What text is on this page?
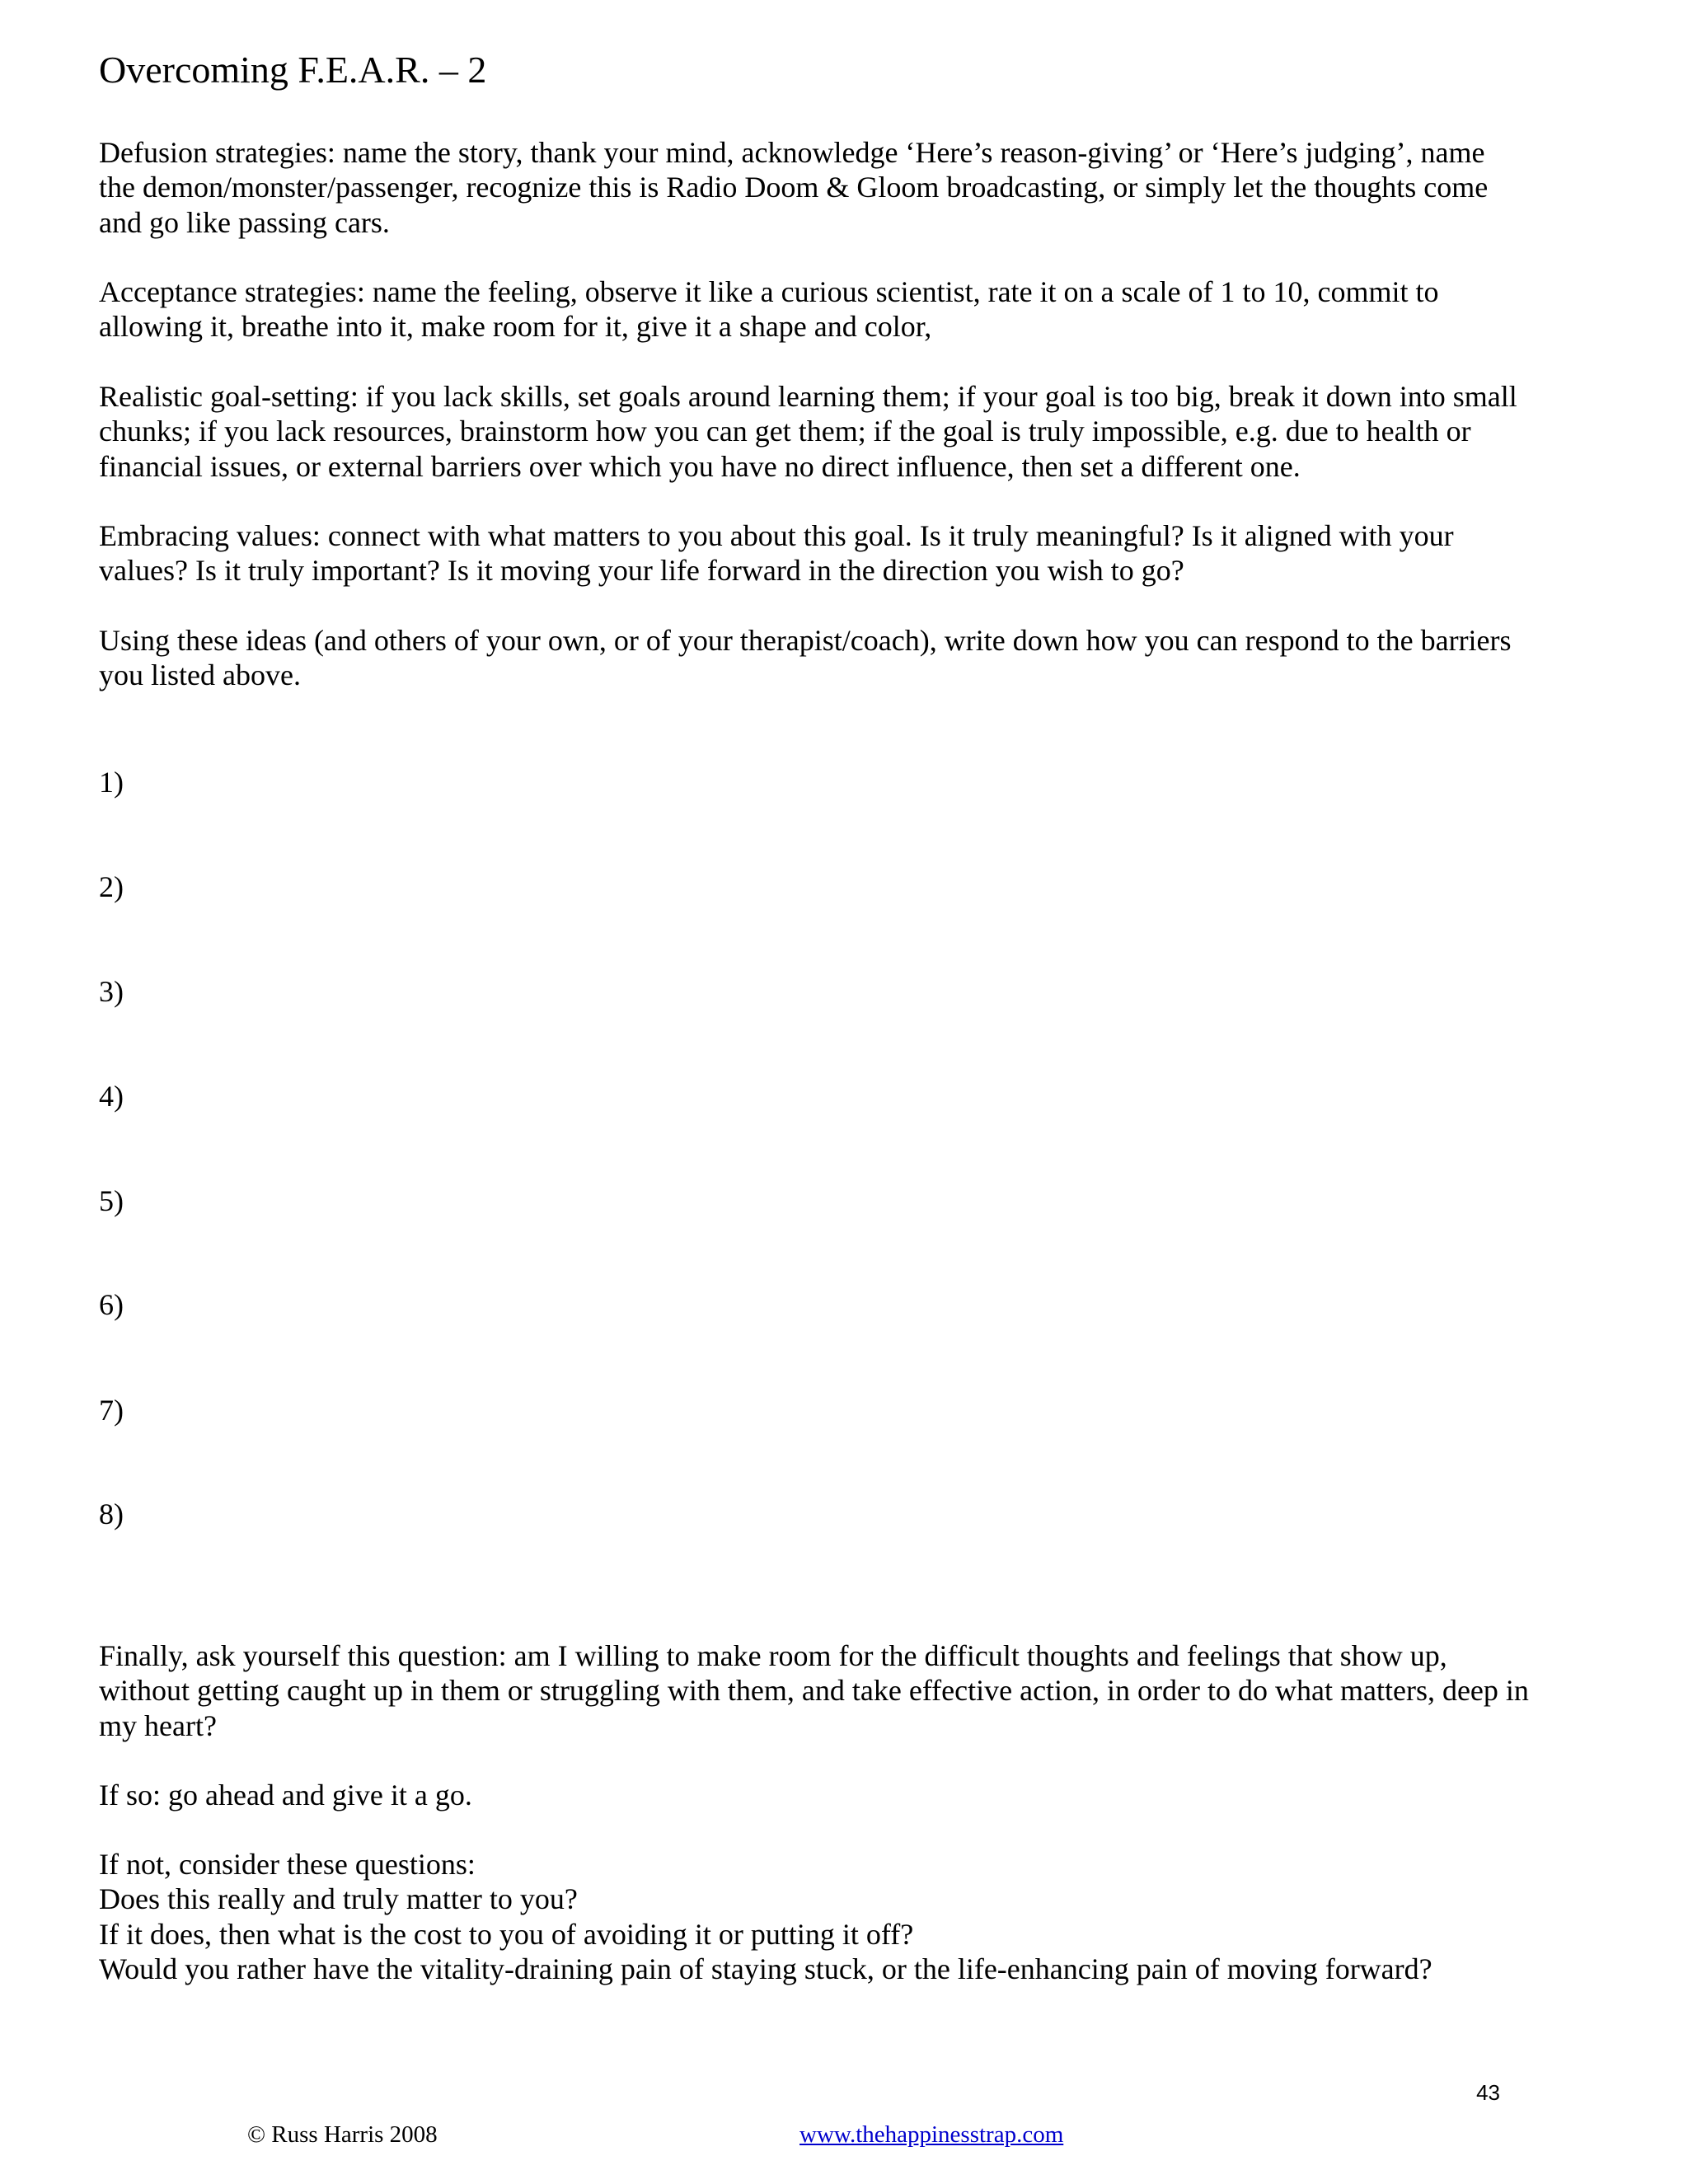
Overcoming F.E.A.R. – 2

Defusion strategies: name the story, thank your mind, acknowledge ‘Here’s reason-giving’ or ‘Here’s judging’, name
the demon/monster/passenger, recognize this is Radio Doom & Gloom broadcasting, or simply let the thoughts come
and go like passing cars.

Acceptance strategies: name the feeling, observe it like a curious scientist, rate it on a scale of 1 to 10, commit to
allowing it, breathe into it, make room for it, give it a shape and color,

Realistic goal-setting: if you lack skills, set goals around learning them; if your goal is too big, break it down into small
chunks; if you lack resources, brainstorm how you can get them; if the goal is truly impossible, e.g. due to health or
financial issues, or external barriers over which you have no direct influence, then set a different one.

Embracing values: connect with what matters to you about this goal. Is it truly meaningful? Is it aligned with your
values? Is it truly important? Is it moving your life forward in the direction you wish to go?

Using these ideas (and others of your own, or of your therapist/coach), write down how you can respond to the barriers
you listed above.

1)

2)

3)

4)

5)

6)

7)

8)

Finally, ask yourself this question: am I willing to make room for the difficult thoughts and feelings that show up,
without getting caught up in them or struggling with them, and take effective action, in order to do what matters, deep in
my heart?

If so: go ahead and give it a go.

If not, consider these questions:
Does this really and truly matter to you?
If it does, then what is the cost to you of avoiding it or putting it off?
Would you rather have the vitality-draining pain of staying stuck, or the life-enhancing pain of moving forward?

43
© Russ Harris 2008	www.thehappinesstrap.com
